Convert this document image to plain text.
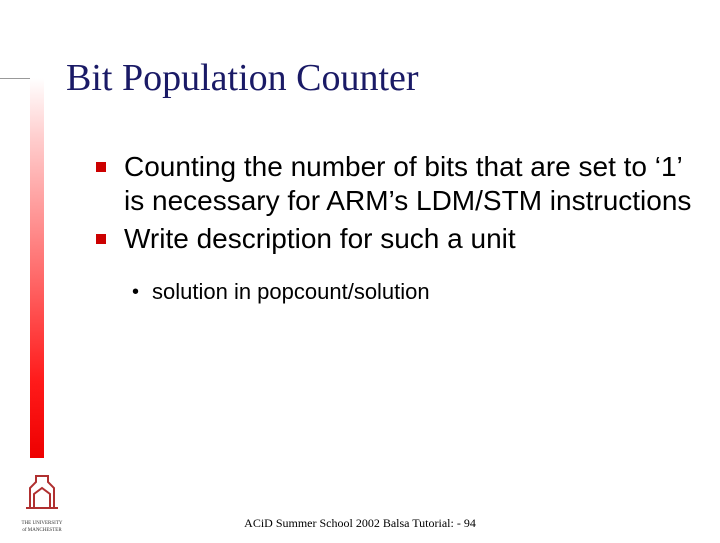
Bit Population Counter
Counting the number of bits that are set to ‘1’ is necessary for ARM’s LDM/STM instructions
Write description for such a unit
• solution in popcount/solution
THE UNIVERSITY
of MANCHESTER
ACiD Summer School 2002 Balsa Tutorial: - 94
